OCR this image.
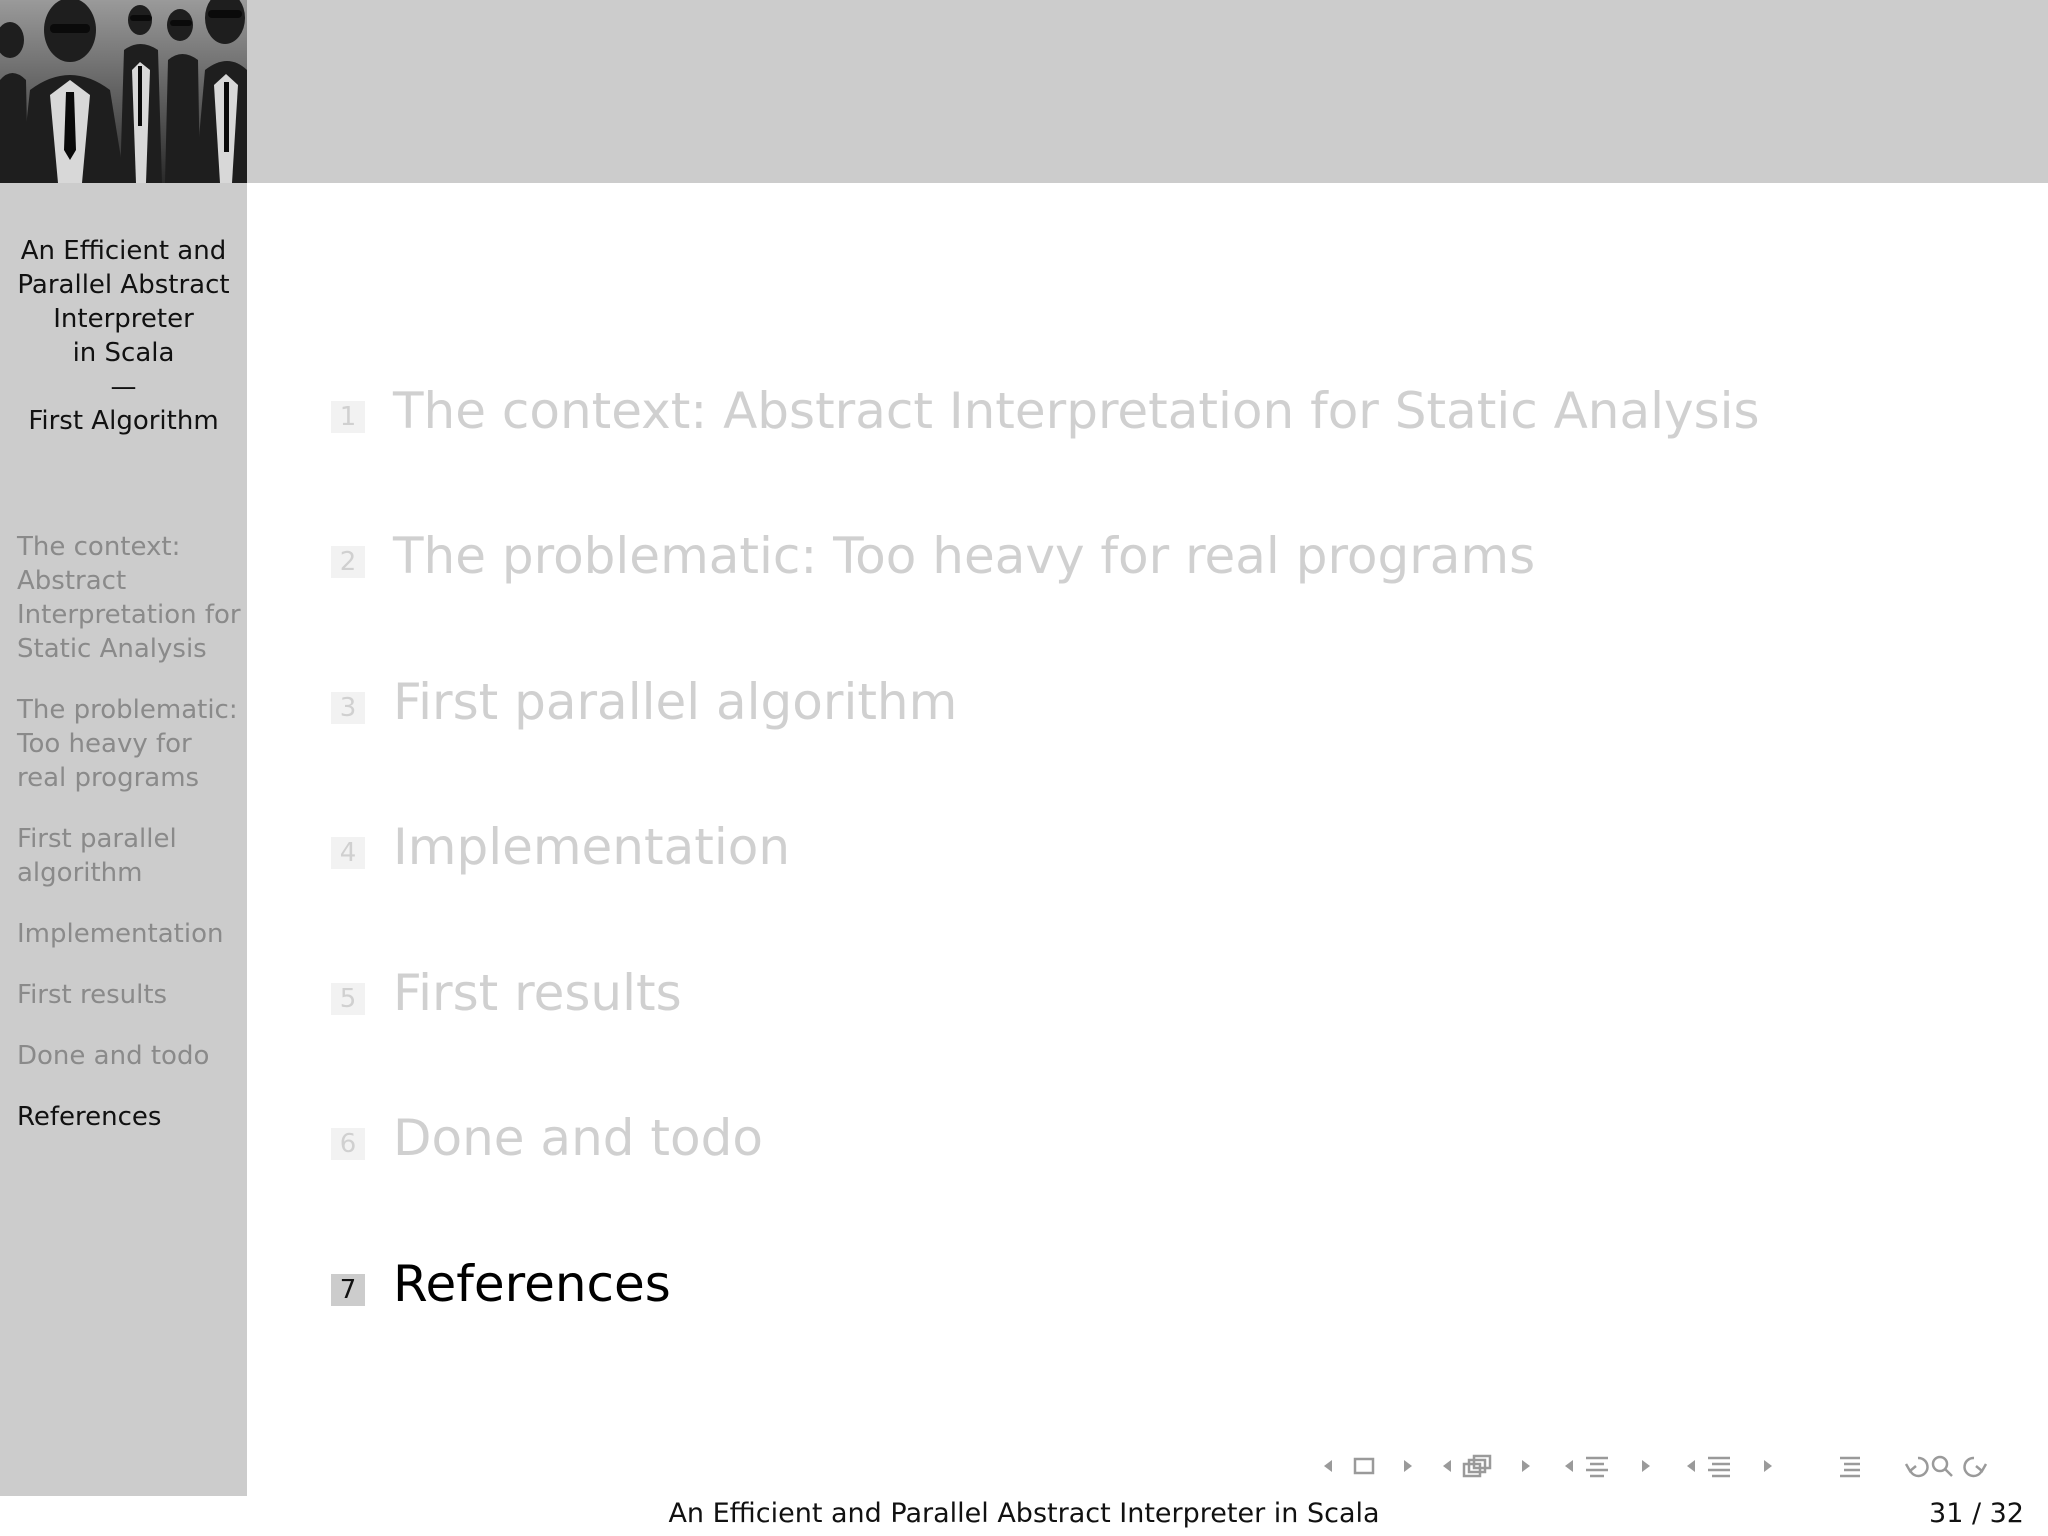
An Efficient and
Parallel Abstract
Interpreter
in Scala
—
First Algorithm
The context: Abstract Interpretation for Static Analysis
The problematic: Too heavy for real programs
First parallel algorithm
Implementation
First results
Done and todo
References
1 The context: Abstract Interpretation for Static Analysis
2 The problematic: Too heavy for real programs
3 First parallel algorithm
4 Implementation
5 First results
6 Done and todo
7 References
An Efficient and Parallel Abstract Interpreter in Scala	31 / 32
